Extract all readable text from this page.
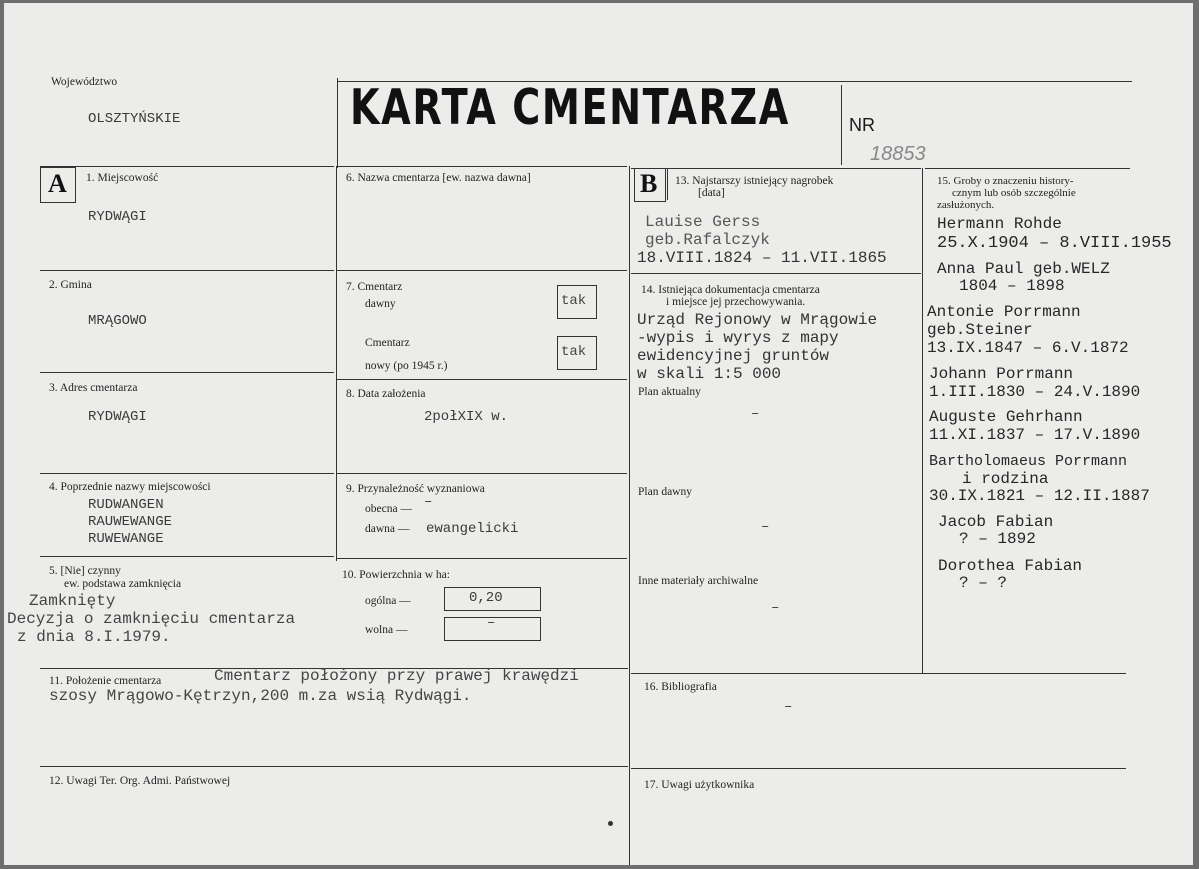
Województwo
OLSZTYŃSKIE	KARTA CMENTARZA	NR
18853
A 1. Miejscowość
RYDWĄGI
2. Gmina
MRĄGOWO
3. Adres cmentarza
RYDWĄGI
4. Poprzednie nazwy miejscowości
RUDWANGEN
RAUWEWANGE
RUWEWANGE
5. [Nie] czynny
ew. podstawa zamknięcia
Zamknięty
Decyzja o zamknięciu cmentarza
z dnia 8.I.1979.
6. Nazwa cmentarza [ew. nazwa dawna]
7. Cmentarz
dawny	tak
Cmentarz
nowy (po 1945 r.)
tak
8. Data założenia
2połXIX w.
9. Przynależność wyznaniowa
obecna — –
dawna — ewangelicki
10. Powierzchnia w ha:
ogólna —	0,20
wolna —	–
B 13. Najstarszy istniejący nagrobek
[data]
Lauise Gerss
geb.Rafalczyk
18.VIII.1824 – 11.VII.1865
14. Istniejąca dokumentacja cmentarza
i miejsce jej przechowywania.
Urząd Rejonowy w Mrągowie
-wypis i wyrys z mapy
ewidencyjnej gruntów
w skali 1:5 000
Plan aktualny
–
Plan dawny
–
Inne materiały archiwalne
–
15. Groby o znaczeniu history-
cznym lub osób szczególnie
zasłużonych.
Hermann Rohde
25.X.1904 – 8.VIII.1955
Anna Paul geb.WELZ
1804 – 1898
Antonie Porrmann
geb.Steiner
13.IX.1847 – 6.V.1872
Johann Porrmann
1.III.1830 – 24.V.1890
Auguste Gehrhann
11.XI.1837 – 17.V.1890
Bartholomaeus Porrmann
i rodzina
30.IX.1821 – 12.II.1887
Jacob Fabian
? – 1892
Dorothea Fabian
? – ?
11. Położenie cmentarza	Cmentarz położony przy prawej krawędzi
szosy Mrągowo-Kętrzyn,200 m.za wsią Rydwągi.	16. Bibliografia
–
12. Uwagi Ter. Org. Admi. Państwowej	17. Uwagi użytkownika
